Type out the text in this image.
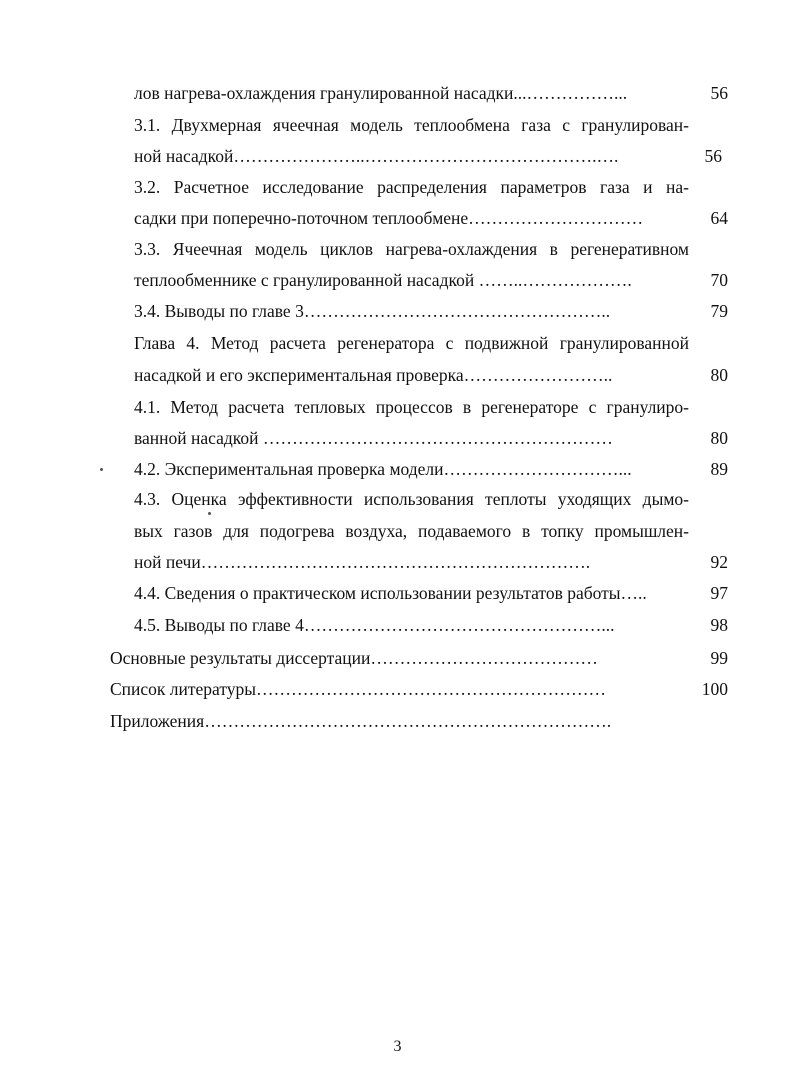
лов нагрева-охлаждения гранулированной насадки...……………...	56
3.1. Двухмерная ячеечная модель теплообмена газа с гранулирован-
ной насадкой…………………..………………………………….….	56
3.2. Расчетное исследование распределения параметров газа и на-
садки при поперечно-поточном теплообмене…………………………	64
3.3. Ячеечная модель циклов нагрева-охлаждения в регенеративном
теплообменнике с гранулированной насадкой ……..……………….	70
3.4. Выводы по главе 3……………………………………………..	79
Глава 4. Метод расчета регенератора с подвижной гранулированной
насадкой и его экспериментальная проверка……………………..	80
4.1. Метод расчета тепловых процессов в регенераторе с гранулиро-
ванной насадкой ……………………………………………………	80
4.2. Экспериментальная проверка модели…………………………...	89
4.3. Оценка эффективности использования теплоты уходящих дымо-
вых газов для подогрева воздуха, подаваемого в топку промышлен-
ной печи………………………………………………………….	92
4.4. Сведения о практическом использовании результатов работы…..	97
4.5. Выводы по главе 4……………………………………………...	98
Основные результаты диссертации…………………………………	99
Список литературы……………………………………………………	100
Приложения…………………………………………………………….
3
